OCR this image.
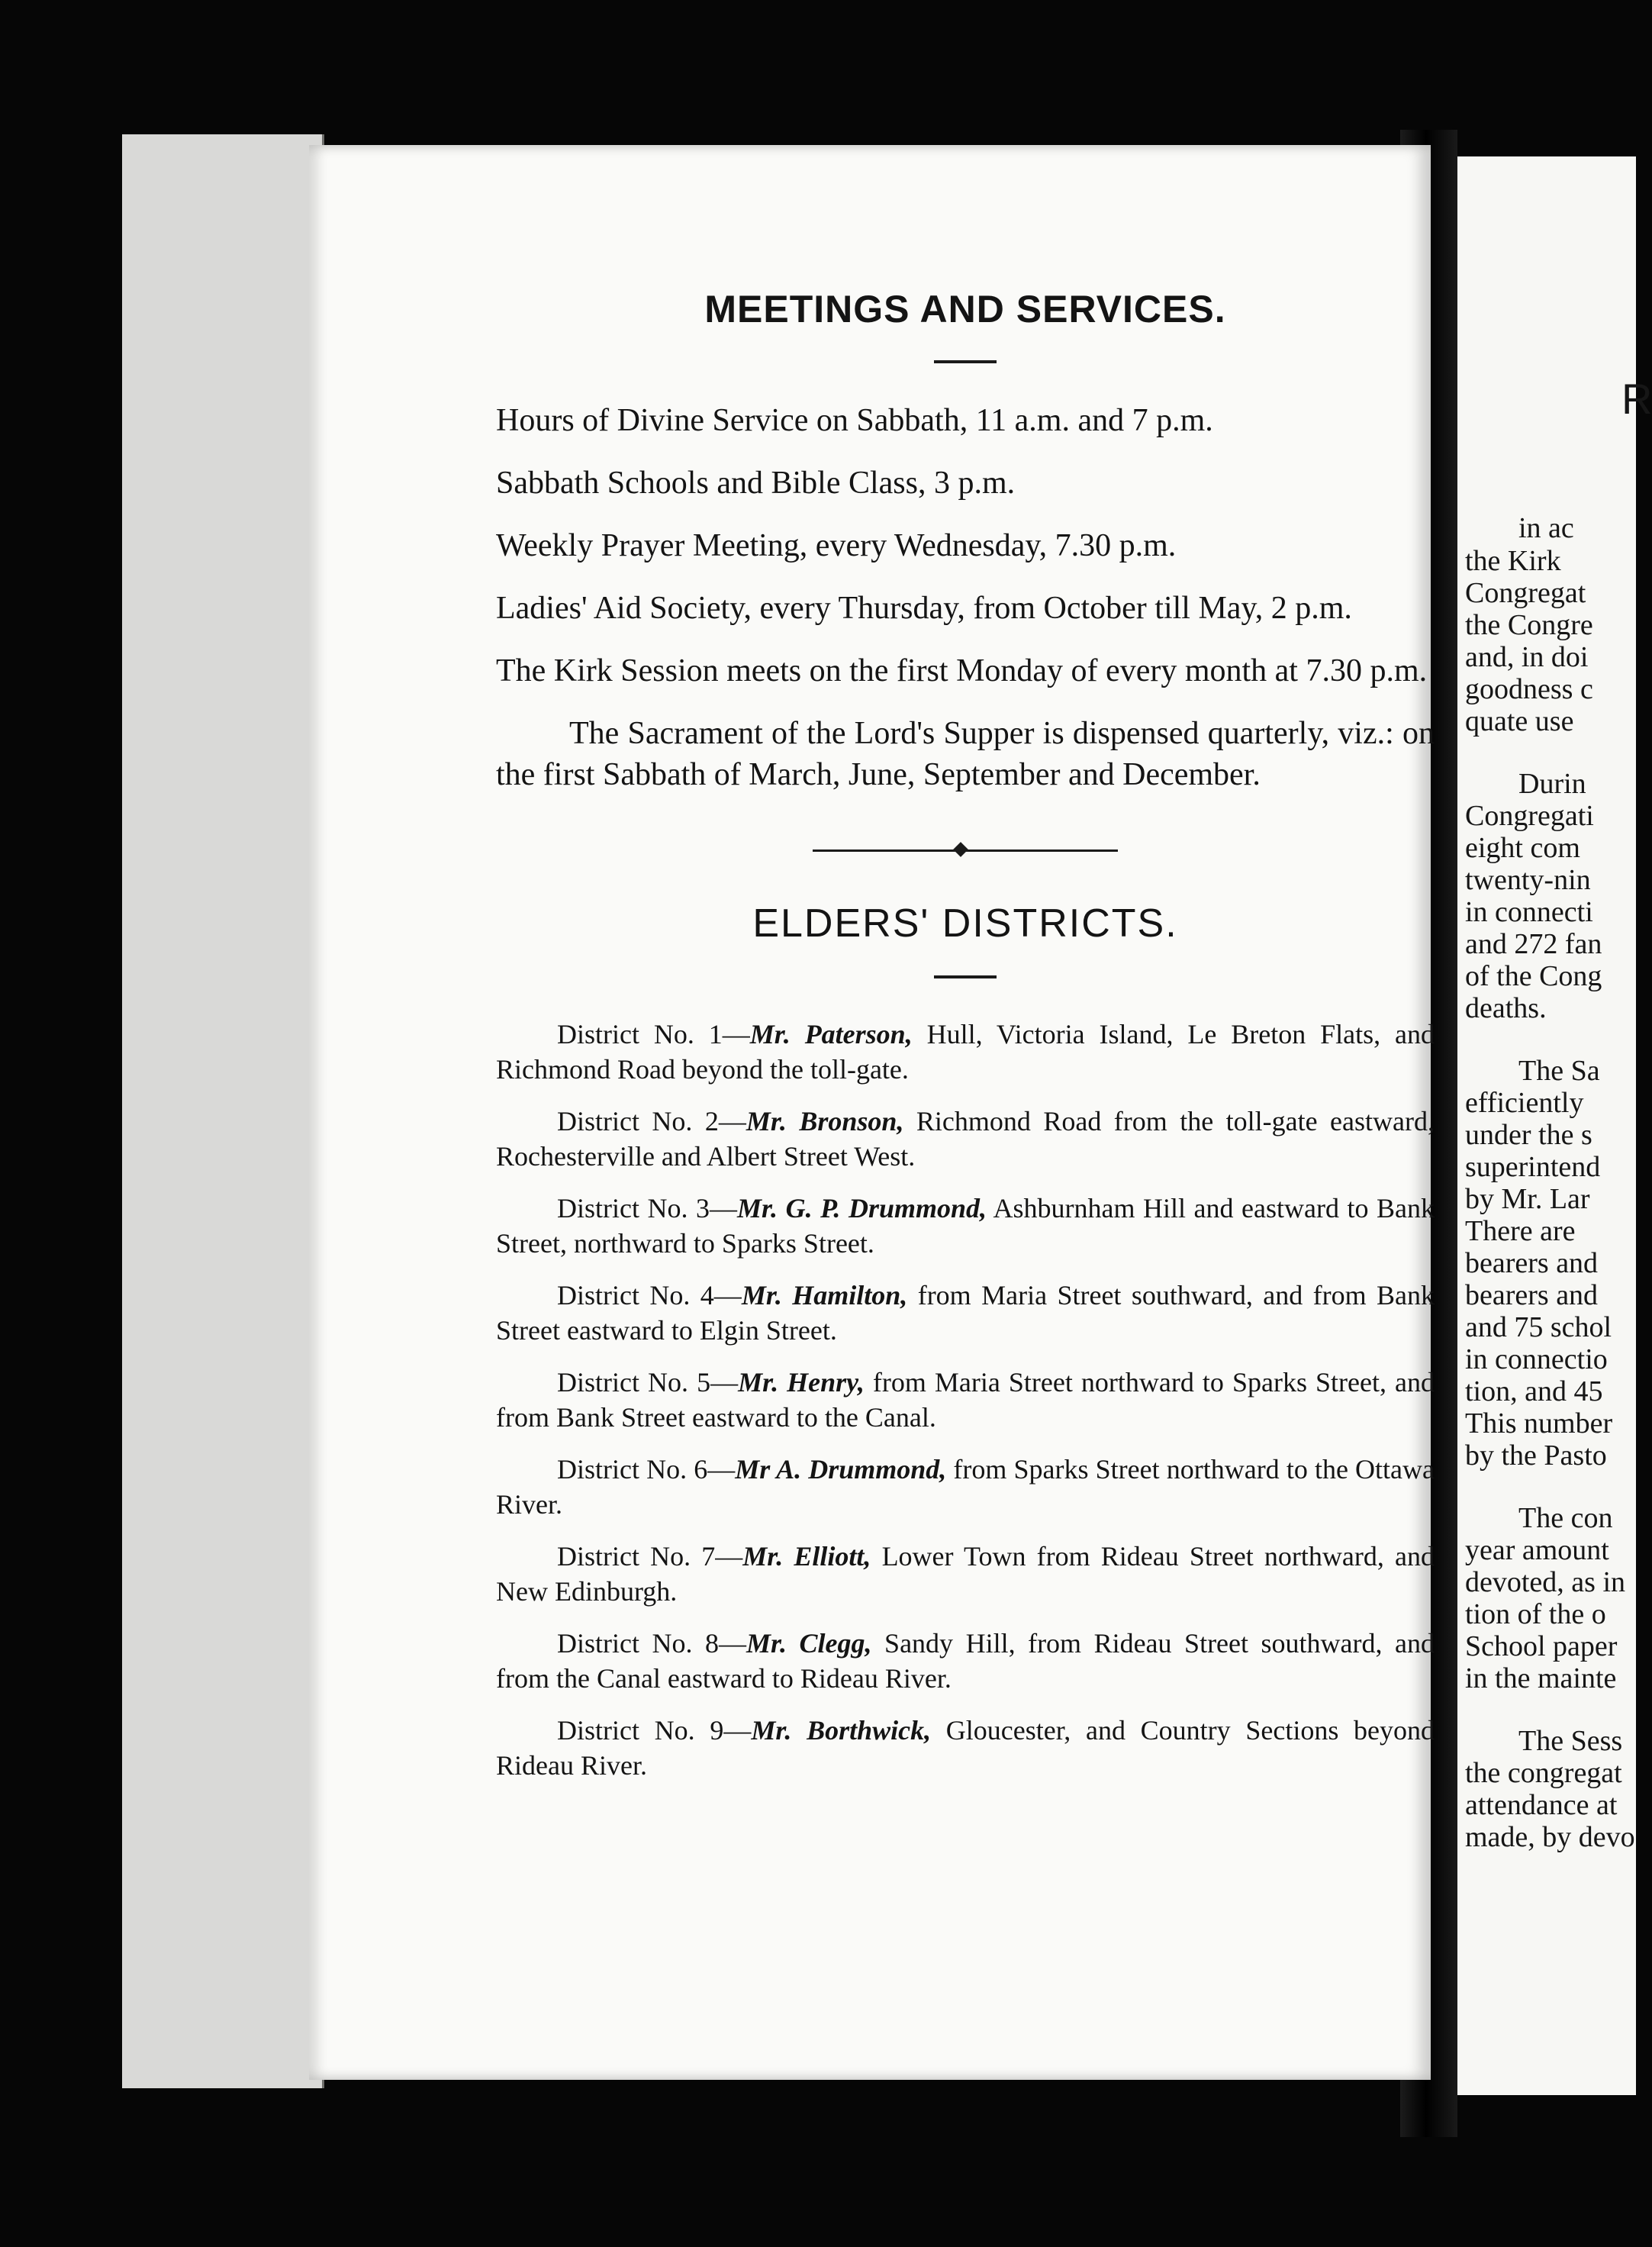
MEETINGS AND SERVICES.

Hours of Divine Service on Sabbath, 11 a.m. and 7 p.m.

Sabbath Schools and Bible Class, 3 p.m.

Weekly Prayer Meeting, every Wednesday, 7.30 p.m.

Ladies' Aid Society, every Thursday, from October till May, 2 p.m.

The Kirk Session meets on the first Monday of every month at 7.30 p.m.

The Sacrament of the Lord's Supper is dispensed quarterly, viz.: on the first Sabbath of March, June, September and December.

ELDERS' DISTRICTS.

District No. 1—Mr. Paterson, Hull, Victoria Island, Le Breton Flats, and Richmond Road beyond the toll-gate.

District No. 2—Mr. Bronson, Richmond Road from the toll-gate eastward, Rochesterville and Albert Street West.

District No. 3—Mr. G. P. Drummond, Ashburnham Hill and eastward to Bank Street, northward to Sparks Street.

District No. 4—Mr. Hamilton, from Maria Street southward, and from Bank Street eastward to Elgin Street.

District No. 5—Mr. Henry, from Maria Street northward to Sparks Street, and from Bank Street eastward to the Canal.

District No. 6—Mr A. Drummond, from Sparks Street northward to the Ottawa River.

District No. 7—Mr. Elliott, Lower Town from Rideau Street northward, and New Edinburgh.

District No. 8—Mr. Clegg, Sandy Hill, from Rideau Street southward, and from the Canal eastward to Rideau River.

District No. 9—Mr. Borthwick, Gloucester, and Country Sections beyond Rideau River.

R
in ac
the Kirk
Congregat
the Congre
and, in doi
goodness c
quate use
Durin
Congregati
eight com
twenty-nin
in connecti
and 272 fan
of the Cong
deaths.
The Sa
efficiently
under the s
superintend
by Mr. Lar
There are
bearers and
bearers and
and 75 schol
in connectio
tion, and 45
This number
by the Pasto
The con
year amount
devoted, as in
tion of the o
School paper
in the mainte
The Sess
the congregat
attendance at
made, by devo
